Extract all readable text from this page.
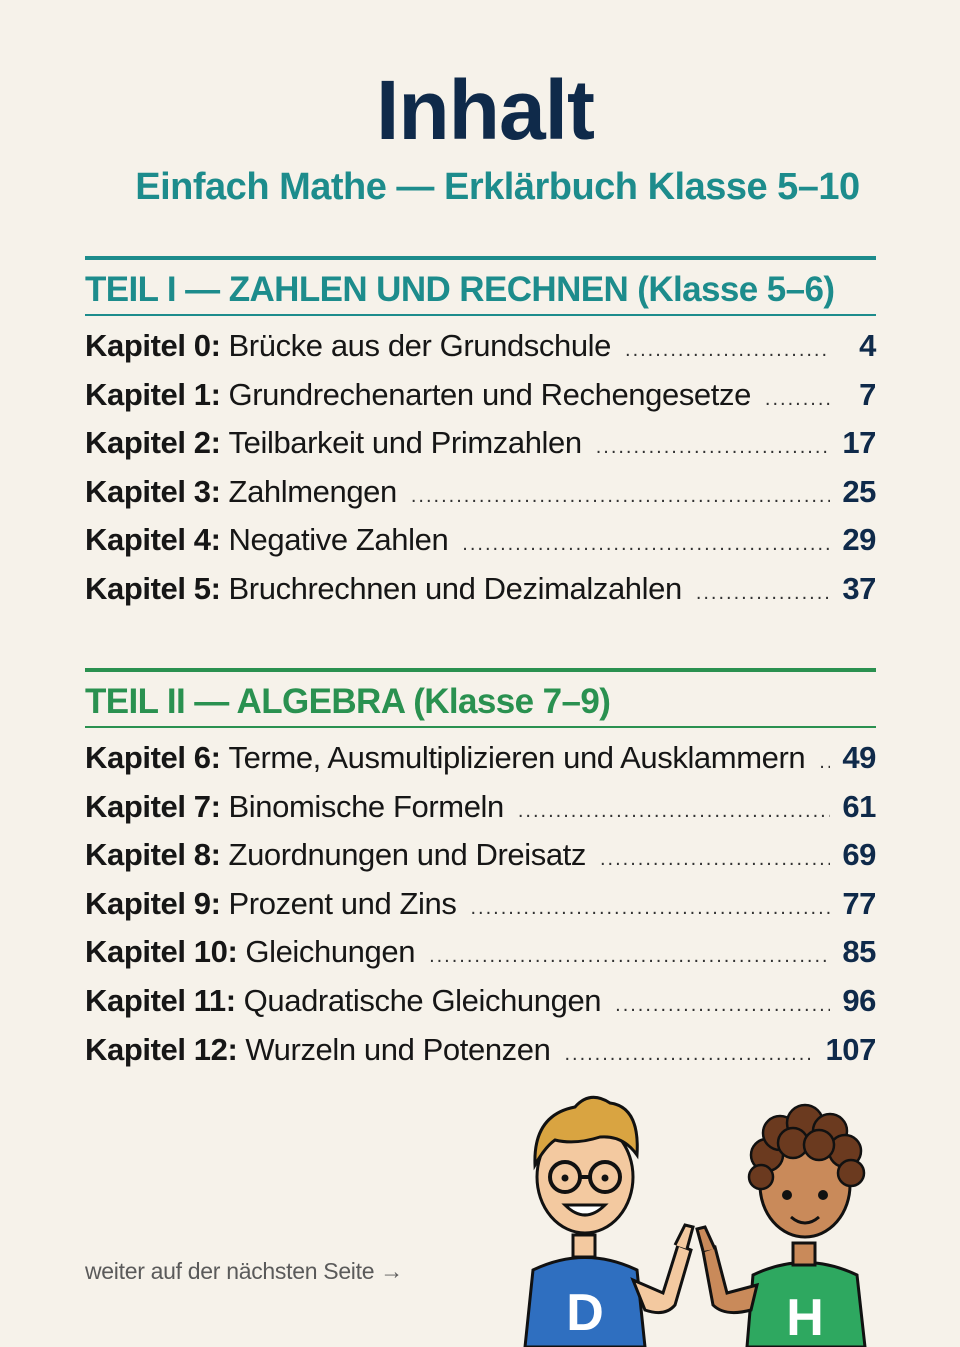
Inhalt
Einfach Mathe — Erklärbuch Klasse 5–10
TEIL I — ZAHLEN UND RECHNEN (Klasse 5–6)
Kapitel 0: Brücke aus der Grundschule .....	4
Kapitel 1: Grundrechenarten und Rechengesetze .....	7
Kapitel 2: Teilbarkeit und Primzahlen .....	17
Kapitel 3: Zahlmengen .....	25
Kapitel 4: Negative Zahlen .....	29
Kapitel 5: Bruchrechnen und Dezimalzahlen .....	37
TEIL II — ALGEBRA (Klasse 7–9)
Kapitel 6: Terme, Ausmultiplizieren und Ausklammern ..... 49
Kapitel 7: Binomische Formeln .....	61
Kapitel 8: Zuordnungen und Dreisatz .....	69
Kapitel 9: Prozent und Zins .....	77
Kapitel 10: Gleichungen .....	85
Kapitel 11: Quadratische Gleichungen .....	96
Kapitel 12: Wurzeln und Potenzen .....	107
weiter auf der nächsten Seite →
D	H
